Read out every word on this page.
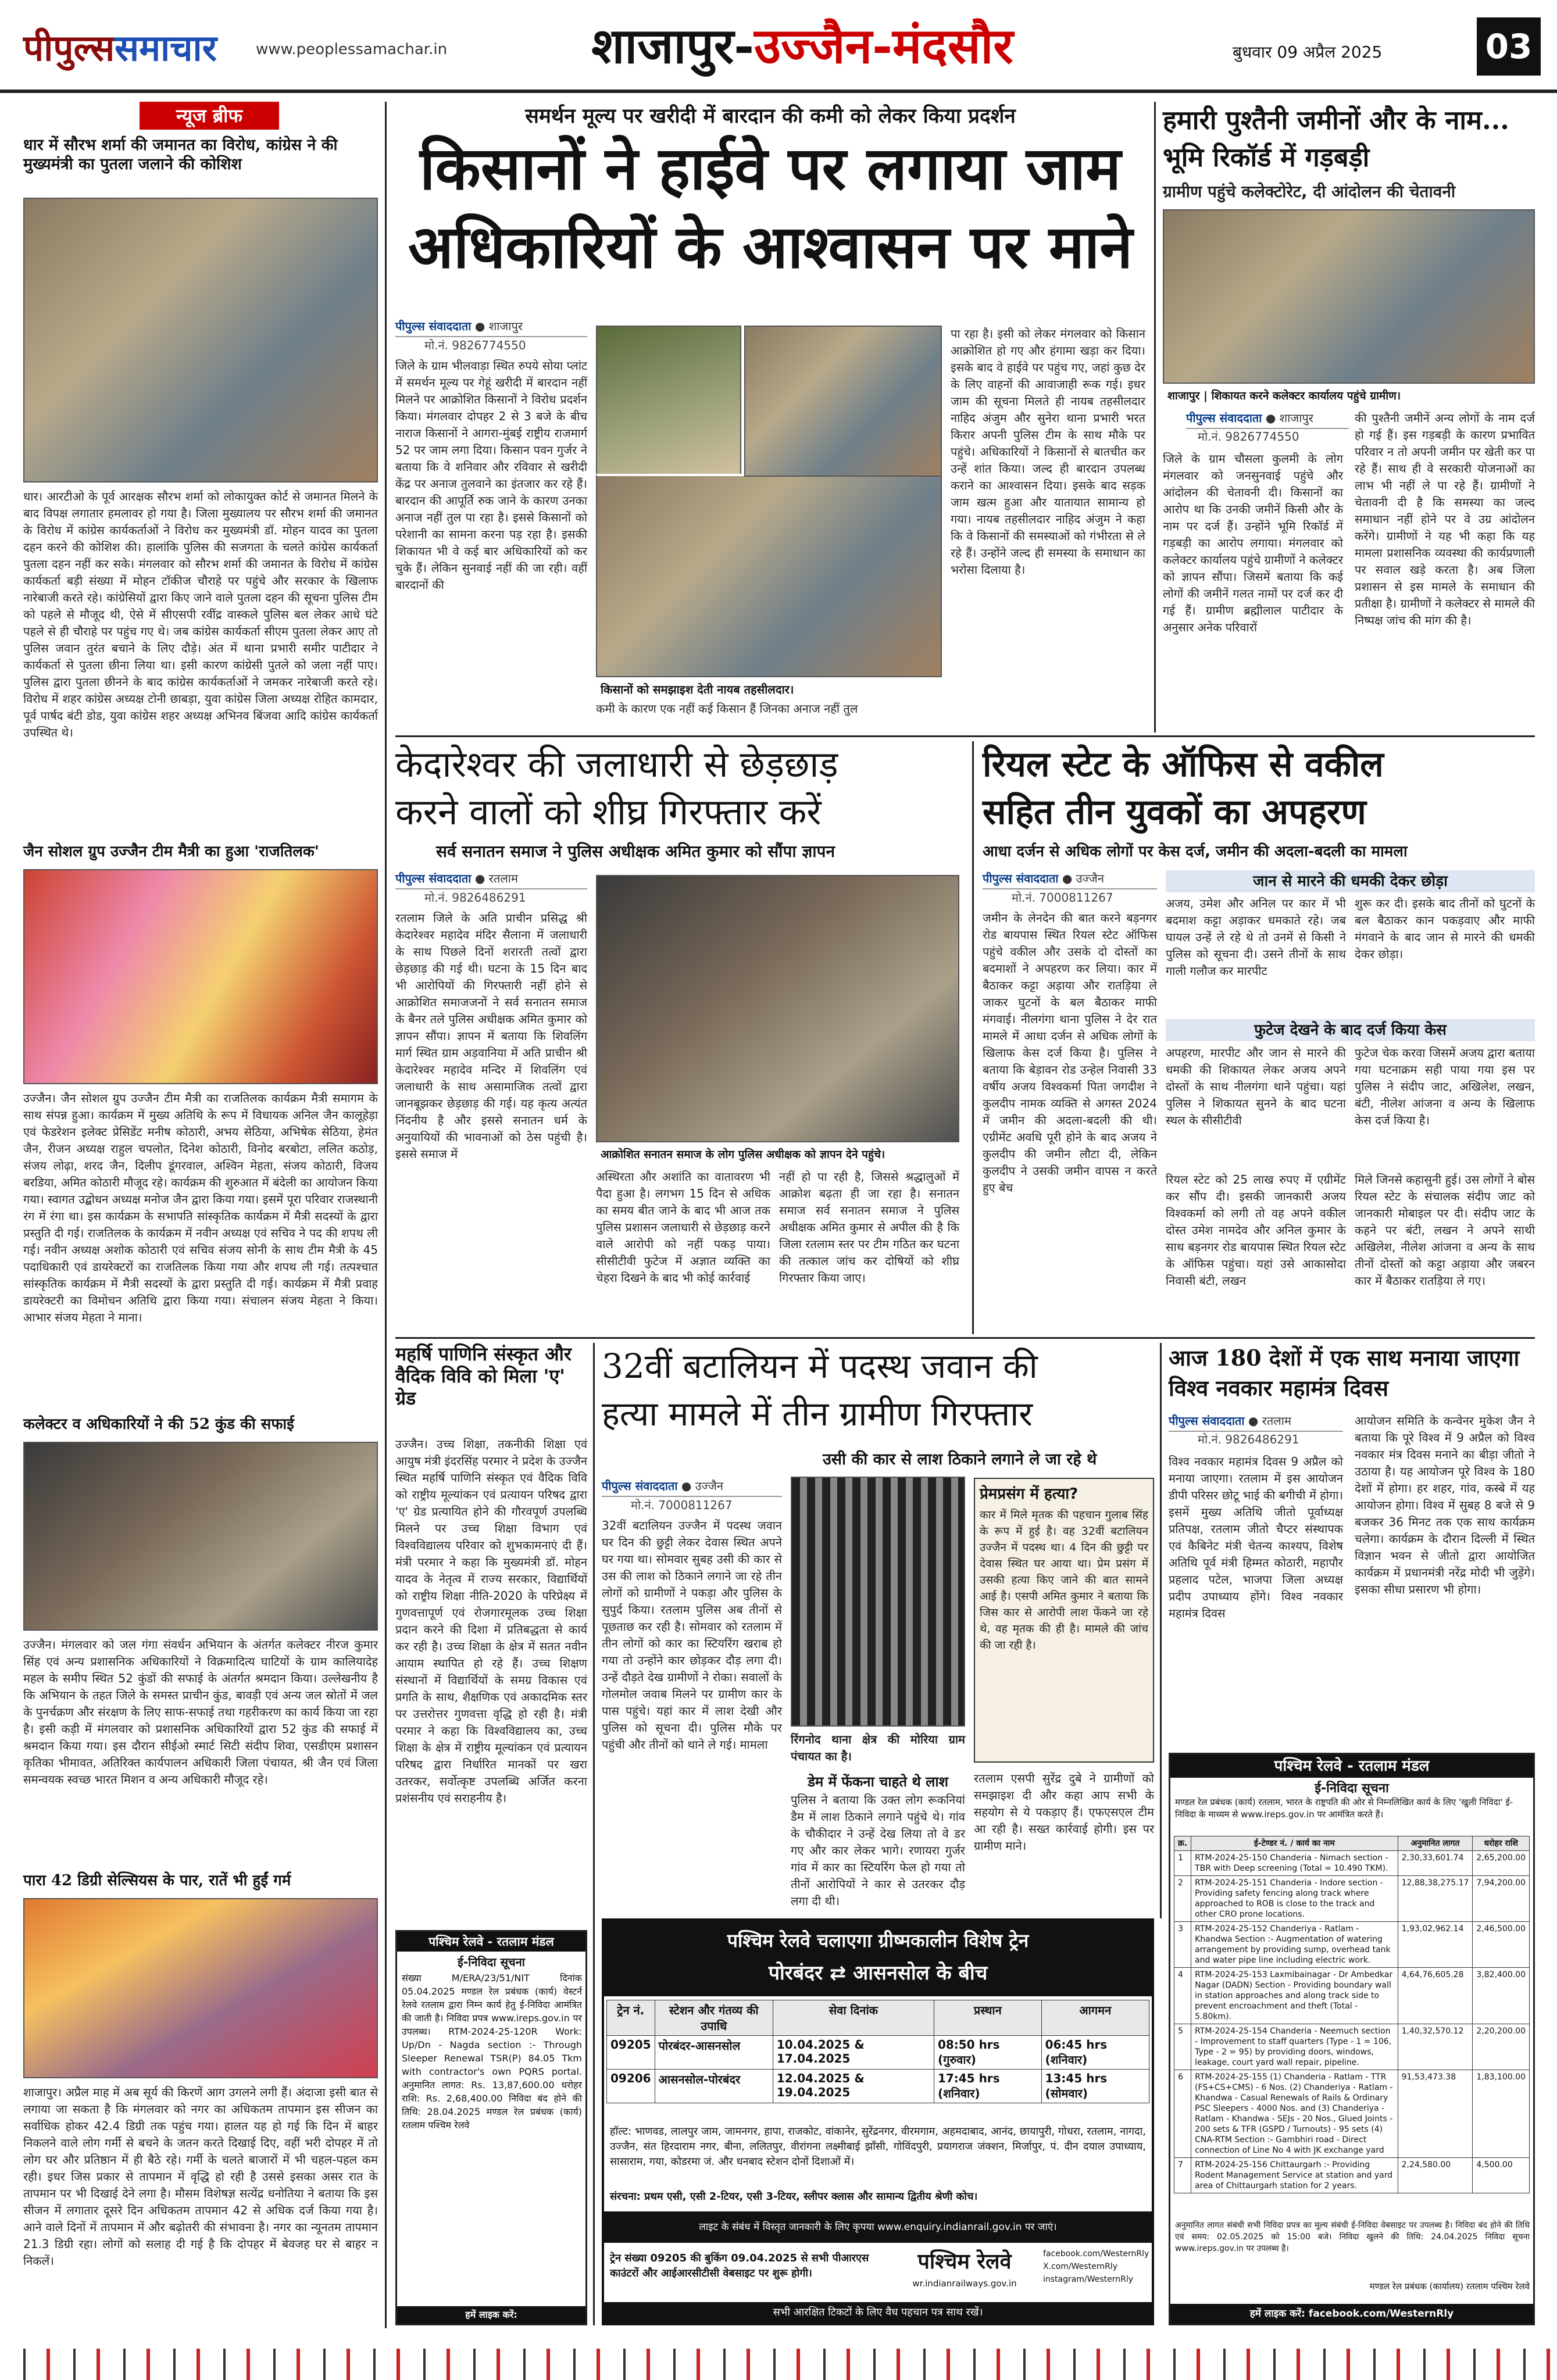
पीपुल्स समाचार	www.peoplessamachar.in	शाजापुर-उज्जैन-मंदसौर	बुधवार 09 अप्रैल 2025	03
न्यूज ब्रीफ
धार में सौरभ शर्मा की जमानत का विरोध, कांग्रेस ने की मुख्यमंत्री का पुतला जलाने की कोशिश
धार। आरटीओ के पूर्व आरक्षक सौरभ शर्मा को लोकायुक्त कोर्ट से जमानत मिलने के बाद विपक्ष लगातार हमलावर हो गया है। जिला मुख्यालय पर सौरभ शर्मा की जमानत के विरोध में कांग्रेस कार्यकर्ताओं ने विरोध कर मुख्यमंत्री डॉ. मोहन यादव का पुतला दहन करने की कोशिश की। हालांकि पुलिस की सजगता के चलते कांग्रेस कार्यकर्ता पुतला दहन नहीं कर सके। मंगलवार को सौरभ शर्मा की जमानत के विरोध में कांग्रेस कार्यकर्ता बड़ी संख्या में मोहन टॉकीज चौराहे पर पहुंचे और सरकार के खिलाफ नारेबाजी करते रहे। कांग्रेसियों द्वारा किए जाने वाले पुतला दहन की सूचना पुलिस टीम को पहले से मौजूद थी, ऐसे में सीएसपी रवींद्र वास्कले पुलिस बल लेकर आधे घंटे पहले से ही चौराहे पर पहुंच गए थे। जब कांग्रेस कार्यकर्ता सीएम पुतला लेकर आए तो पुलिस जवान तुरंत बचाने के लिए दौड़े। अंत में थाना प्रभारी समीर पाटीदार ने कार्यकर्ता से पुतला छीना लिया था। इसी कारण कांग्रेसी पुतले को जला नहीं पाए। पुलिस द्वारा पुतला छीनने के बाद कांग्रेस कार्यकर्ताओं ने जमकर नारेबाजी करते रहे। विरोध में शहर कांग्रेस अध्यक्ष टोनी छाबड़ा, युवा कांग्रेस जिला अध्यक्ष रोहित कामदार, पूर्व पार्षद बंटी डोड, युवा कांग्रेस शहर अध्यक्ष अभिनव बिंजवा आदि कांग्रेस कार्यकर्ता उपस्थित थे।
जैन सोशल ग्रुप उज्जैन टीम मैत्री का हुआ 'राजतिलक'
उज्जैन। जैन सोशल ग्रुप उज्जैन टीम मैत्री का राजतिलक कार्यक्रम मैत्री समागम के साथ संपन्न हुआ। कार्यक्रम में मुख्य अतिथि के रूप में विधायक अनिल जैन कालूहेड़ा एवं फेडरेशन इलेक्ट प्रेसिडेंट मनीष कोठारी, अभय सेठिया, अभिषेक सेठिया, हेमंत जैन, रीजन अध्यक्ष राहुल चपलोत, दिनेश कोठारी, विनोद बरबोटा, ललित कठोड़, संजय लोढ़ा, शरद जैन, दिलीप डूंगरवाल, अश्विन मेहता, संजय कोठारी, विजय बरडिया, अमित कोठारी मौजूद रहे। कार्यक्रम की शुरुआत में बंदेली का आयोजन किया गया। स्वागत उद्बोधन अध्यक्ष मनोज जैन द्वारा किया गया। इसमें पूरा परिवार राजस्थानी रंग में रंगा था। इस कार्यक्रम के सभापति सांस्कृतिक कार्यक्रम में मैत्री सदस्यों के द्वारा प्रस्तुति दी गई। राजतिलक के कार्यक्रम में नवीन अध्यक्ष एवं सचिव ने पद की शपथ ली गई। नवीन अध्यक्ष अशोक कोठारी एवं सचिव संजय सोनी के साथ टीम मैत्री के 45 पदाधिकारी एवं डायरेक्टरों का राजतिलक किया गया और शपथ ली गई। तत्पश्चात सांस्कृतिक कार्यक्रम में मैत्री सदस्यों के द्वारा प्रस्तुति दी गई। कार्यक्रम में मैत्री प्रवाह डायरेक्टरी का विमोचन अतिथि द्वारा किया गया। संचालन संजय मेहता ने किया। आभार संजय मेहता ने माना।
कलेक्टर व अधिकारियों ने की 52 कुंड की सफाई
उज्जैन। मंगलवार को जल गंगा संवर्धन अभियान के अंतर्गत कलेक्टर नीरज कुमार सिंह एवं अन्य प्रशासनिक अधिकारियों ने विक्रमादित्य घाटियों के ग्राम कालियादेह महल के समीप स्थित 52 कुंडों की सफाई के अंतर्गत श्रमदान किया। उल्लेखनीय है कि अभियान के तहत जिले के समस्त प्राचीन कुंड, बावड़ी एवं अन्य जल स्रोतों में जल के पुनर्चक्रण और संरक्षण के लिए साफ-सफाई तथा गहरीकरण का कार्य किया जा रहा है। इसी कड़ी में मंगलवार को प्रशासनिक अधिकारियों द्वारा 52 कुंड की सफाई में श्रमदान किया गया। इस दौरान सीईओ स्मार्ट सिटी संदीप शिवा, एसडीएम प्रशासन कृतिका भीमावत, अतिरिक्त कार्यपालन अधिकारी जिला पंचायत, श्री जैन एवं जिला समन्वयक स्वच्छ भारत मिशन व अन्य अधिकारी मौजूद रहे।
पारा 42 डिग्री सेल्सियस के पार, रातें भी हुईं गर्म
शाजापुर। अप्रैल माह में अब सूर्य की किरणें आग उगलने लगी हैं। अंदाजा इसी बात से लगाया जा सकता है कि मंगलवार को नगर का अधिकतम तापमान इस सीजन का सर्वाधिक होकर 42.4 डिग्री तक पहुंच गया। हालत यह हो गई कि दिन में बाहर निकलने वाले लोग गर्मी से बचने के जतन करते दिखाई दिए, वहीं भरी दोपहर में तो लोग घर और प्रतिष्ठान में ही बैठे रहे। गर्मी के चलते बाजारों में भी चहल-पहल कम रही। इधर जिस प्रकार से तापमान में वृद्धि हो रही है उससे इसका असर रात के तापमान पर भी दिखाई देने लगा है। मौसम विशेषज्ञ सत्येंद्र धनोतिया ने बताया कि इस सीजन में लगातार दूसरे दिन अधिकतम तापमान 42 से अधिक दर्ज किया गया है। आने वाले दिनों में तापमान में और बढ़ोतरी की संभावना है। नगर का न्यूनतम तापमान 21.3 डिग्री रहा। लोगों को सलाह दी गई है कि दोपहर में बेवजह घर से बाहर न निकलें।
समर्थन मूल्य पर खरीदी में बारदान की कमी को लेकर किया प्रदर्शन
किसानों ने हाईवे पर लगाया जाम
अधिकारियों के आश्वासन पर माने
पीपुल्स संवाददाता ● शाजापुर
मो.नं. 9826774550
जिले के ग्राम भीलवाड़ा स्थित रुपये सोया प्लांट में समर्थन मूल्य पर गेहूं खरीदी में बारदान नहीं मिलने पर आक्रोशित किसानों ने विरोध प्रदर्शन किया। मंगलवार दोपहर 2 से 3 बजे के बीच नाराज किसानों ने आगरा-मुंबई राष्ट्रीय राजमार्ग 52 पर जाम लगा दिया। किसान पवन गुर्जर ने बताया कि वे शनिवार और रविवार से खरीदी केंद्र पर अनाज तुलवाने का इंतजार कर रहे हैं। बारदान की आपूर्ति रुक जाने के कारण उनका अनाज नहीं तुल पा रहा है। इससे किसानों को परेशानी का सामना करना पड़ रहा है। इसकी शिकायत भी वे कई बार अधिकारियों को कर चुके हैं। लेकिन सुनवाई नहीं की जा रही। वहीं बारदानों की
किसानों को समझाइश देती नायब तहसीलदार।
कमी के कारण एक नहीं कई किसान हैं जिनका अनाज नहीं तुल
पा रहा है। इसी को लेकर मंगलवार को किसान आक्रोशित हो गए और हंगामा खड़ा कर दिया। इसके बाद वे हाईवे पर पहुंच गए, जहां कुछ देर के लिए वाहनों की आवाजाही रूक गई। इधर जाम की सूचना मिलते ही नायब तहसीलदार नाहिद अंजुम और सुनेरा थाना प्रभारी भरत किरार अपनी पुलिस टीम के साथ मौके पर पहुंचे। अधिकारियों ने किसानों से बातचीत कर उन्हें शांत किया। जल्द ही बारदान उपलब्ध कराने का आश्वासन दिया। इसके बाद सड़क जाम खत्म हुआ और यातायात सामान्य हो गया। नायब तहसीलदार नाहिद अंजुम ने कहा कि वे किसानों की समस्याओं को गंभीरता से ले रहे हैं। उन्होंने जल्द ही समस्या के समाधान का भरोसा दिलाया है।
हमारी पुश्तैनी जमीनों और के नाम... भूमि रिकॉर्ड में गड़बड़ी
ग्रामीण पहुंचे कलेक्टोरेट, दी आंदोलन की चेतावनी
शाजापुर | शिकायत करने कलेक्टर कार्यालय पहुंचे ग्रामीण।
पीपुल्स संवाददाता ● शाजापुर
मो.नं. 9826774550
जिले के ग्राम चौसला कुलमी के लोग मंगलवार को जनसुनवाई पहुंचे और आंदोलन की चेतावनी दी। किसानों का आरोप था कि उनकी जमीनें किसी और के नाम पर दर्ज हैं। उन्होंने भूमि रिकॉर्ड में गड़बड़ी का आरोप लगाया। मंगलवार को कलेक्टर कार्यालय पहुंचे ग्रामीणों ने कलेक्टर को ज्ञापन सौंपा। जिसमें बताया कि कई लोगों की जमीनें गलत नामों पर दर्ज कर दी गई हैं। ग्रामीण ब्रह्मीलाल पाटीदार के अनुसार अनेक परिवारों
की पुश्तैनी जमीनें अन्य लोगों के नाम दर्ज हो गई हैं। इस गड़बड़ी के कारण प्रभावित परिवार न तो अपनी जमीन पर खेती कर पा रहे हैं। साथ ही वे सरकारी योजनाओं का लाभ भी नहीं ले पा रहे हैं। ग्रामीणों ने चेतावनी दी है कि समस्या का जल्द समाधान नहीं होने पर वे उग्र आंदोलन करेंगे। ग्रामीणों ने यह भी कहा कि यह मामला प्रशासनिक व्यवस्था की कार्यप्रणाली पर सवाल खड़े करता है। अब जिला प्रशासन से इस मामले के समाधान की प्रतीक्षा है। ग्रामीणों ने कलेक्टर से मामले की निष्पक्ष जांच की मांग की है।
केदारेश्वर की जलाधारी से छेड़छाड़
करने वालों को शीघ्र गिरफ्तार करें
सर्व सनातन समाज ने पुलिस अधीक्षक अमित कुमार को सौंपा ज्ञापन
पीपुल्स संवाददाता ● रतलाम
मो.नं. 9826486291
रतलाम जिले के अति प्राचीन प्रसिद्ध श्री केदारेश्वर महादेव मंदिर सैलाना में जलाधारी के साथ पिछले दिनों शरारती तत्वों द्वारा छेड़छाड़ की गई थी। घटना के 15 दिन बाद भी आरोपियों की गिरफ्तारी नहीं होने से आक्रोशित समाजजनों ने सर्व सनातन समाज के बैनर तले पुलिस अधीक्षक अमित कुमार को ज्ञापन सौंपा। ज्ञापन में बताया कि शिवलिंग मार्ग स्थित ग्राम अड़वानिया में अति प्राचीन श्री केदारेश्वर महादेव मन्दिर में शिवलिंग एवं जलाधारी के साथ असामाजिक तत्वों द्वारा जानबूझकर छेड़छाड़ की गई। यह कृत्य अत्यंत निंदनीय है और इससे सनातन धर्म के अनुयायियों की भावनाओं को ठेस पहुंची है। इससे समाज में	आक्रोशित सनातन समाज के लोग पुलिस अधीक्षक को ज्ञापन देने पहुंचे।
अस्थिरता और अशांति का वातावरण भी पैदा हुआ है। लगभग 15 दिन से अधिक का समय बीत जाने के बाद भी आज तक पुलिस प्रशासन जलाधारी से छेड़छाड़ करने वाले आरोपी को नहीं पकड़ पाया। सीसीटीवी फुटेज में अज्ञात व्यक्ति का चेहरा दिखने के बाद भी कोई कार्रवाई
नहीं हो पा रही है, जिससे श्रद्धालुओं में आक्रोश बढ़ता ही जा रहा है। सनातन समाज सर्व सनातन समाज ने पुलिस अधीक्षक अमित कुमार से अपील की है कि जिला रतलाम स्तर पर टीम गठित कर घटना की तत्काल जांच कर दोषियों को शीघ्र गिरफ्तार किया जाए।
रियल स्टेट के ऑफिस से वकील
सहित तीन युवकों का अपहरण
आधा दर्जन से अधिक लोगों पर केस दर्ज, जमीन की अदला-बदली का मामला
पीपुल्स संवाददाता ● उज्जैन
मो.नं. 7000811267
जमीन के लेनदेन की बात करने बड़नगर रोड बायपास स्थित रियल स्टेट ऑफिस पहुंचे वकील और उसके दो दोस्तों का बदमाशों ने अपहरण कर लिया। कार में बैठाकर कट्टा अड़ाया और रातड़िया ले जाकर घुटनों के बल बैठाकर माफी मंगवाई। नीलगंगा थाना पुलिस ने देर रात मामले में आधा दर्जन से अधिक लोगों के खिलाफ केस दर्ज किया है। पुलिस ने बताया कि बेड़ावन रोड उन्हेल निवासी 33 वर्षीय अजय विश्वकर्मा पिता जगदीश ने कुलदीप नामक व्यक्ति से अगस्त 2024 में जमीन की अदला-बदली की थी। एग्रीमेंट अवधि पूरी होने के बाद अजय ने कुलदीप की जमीन लौटा दी, लेकिन कुलदीप ने उसकी जमीन वापस न करते हुए बेच
जान से मारने की धमकी देकर छोड़ा
अजय, उमेश और अनिल पर कार में भी बदमाश कट्टा अड़ाकर धमकाते रहे। जब घायल उन्हें ले रहे थे तो उनमें से किसी ने पुलिस को सूचना दी। उसने तीनों के साथ गाली गलौज कर मारपीट
शुरू कर दी। इसके बाद तीनों को घुटनों के बल बैठाकर कान पकड़वाए और माफी मंगवाने के बाद जान से मारने की धमकी देकर छोड़ा।
फुटेज देखने के बाद दर्ज किया केस
अपहरण, मारपीट और जान से मारने की धमकी की शिकायत लेकर अजय अपने दोस्तों के साथ नीलगंगा थाने पहुंचा। यहां पुलिस ने शिकायत सुनने के बाद घटना स्थल के सीसीटीवी
फुटेज चेक करवा जिसमें अजय द्वारा बताया गया घटनाक्रम सही पाया गया इस पर पुलिस ने संदीप जाट, अखिलेश, लखन, बंटी, नीलेश आंजना व अन्य के खिलाफ केस दर्ज किया है।
रियल स्टेट को 25 लाख रुपए में एग्रीमेंट कर सौंप दी। इसकी जानकारी अजय विश्वकर्मा को लगी तो वह अपने वकील दोस्त उमेश नामदेव और अनिल कुमार के साथ बड़नगर रोड बायपास स्थित रियल स्टेट के ऑफिस पहुंचा। यहां उसे आकासोदा निवासी बंटी, लखन
मिले जिनसे कहासुनी हुई। उस लोगों ने बोस रियल स्टेट के संचालक संदीप जाट को जानकारी मोबाइल पर दी। संदीप जाट के कहने पर बंटी, लखन ने अपने साथी अखिलेश, नीलेश आंजना व अन्य के साथ तीनों दोस्तों को कट्टा अड़ाया और जबरन कार में बैठाकर रातड़िया ले गए।
महर्षि पाणिनि संस्कृत और वैदिक विवि को मिला 'ए' ग्रेड
उज्जैन। उच्च शिक्षा, तकनीकी शिक्षा एवं आयुष मंत्री इंदरसिंह परमार ने प्रदेश के उज्जैन स्थित महर्षि पाणिनि संस्कृत एवं वैदिक विवि को राष्ट्रीय मूल्यांकन एवं प्रत्यायन परिषद द्वारा 'ए' ग्रेड प्रत्यायित होने की गौरवपूर्ण उपलब्धि मिलने पर उच्च शिक्षा विभाग एवं विश्वविद्यालय परिवार को शुभकामनाएं दी हैं। मंत्री परमार ने कहा कि मुख्यमंत्री डॉ. मोहन यादव के नेतृत्व में राज्य सरकार, विद्यार्थियों को राष्ट्रीय शिक्षा नीति-2020 के परिप्रेक्ष्य में गुणवत्तापूर्ण एवं रोजगारमूलक उच्च शिक्षा प्रदान करने की दिशा में प्रतिबद्धता से कार्य कर रही है। उच्च शिक्षा के क्षेत्र में सतत नवीन आयाम स्थापित हो रहे हैं। उच्च शिक्षण संस्थानों में विद्यार्थियों के समग्र विकास एवं प्रगति के साथ, शैक्षणिक एवं अकादमिक स्तर पर उत्तरोत्तर गुणवत्ता वृद्धि हो रही है। मंत्री परमार ने कहा कि विश्वविद्यालय का, उच्च शिक्षा के क्षेत्र में राष्ट्रीय मूल्यांकन एवं प्रत्यायन परिषद द्वारा निर्धारित मानकों पर खरा उतरकर, सर्वोत्कृष्ट उपलब्धि अर्जित करना प्रशंसनीय एवं सराहनीय है।
पश्चिम रेलवे - रतलाम मंडल
ई-निविदा सूचना
संख्या M/ERA/23/51/NIT दिनांक 05.04.2025 मण्डल रेल प्रबंधक (कार्य) वेस्टर्न रेलवे रतलाम द्वारा निम्न कार्य हेतु ई-निविदा आमंत्रित की जाती है। निविदा प्रपत्र www.ireps.gov.in पर उपलब्ध। RTM-2024-25-120R Work: Up/Dn - Nagda section :- Through Sleeper Renewal TSR(P) 84.05 Tkm with contractor's own PQRS portal. अनुमानित लागत: Rs. 13,87,600.00 धरोहर राशि: Rs. 2,68,400.00 निविदा बंद होने की तिथि: 28.04.2025 मण्डल रेल प्रबंधक (कार्य) रतलाम पश्चिम रेलवे
हमें लाइक करें: facebook.com/WesternRly
32वीं बटालियन में पदस्थ जवान की
हत्या मामले में तीन ग्रामीण गिरफ्तार
उसी की कार से लाश ठिकाने लगाने ले जा रहे थे
पीपुल्स संवाददाता ● उज्जैन
मो.नं. 7000811267
32वीं बटालियन उज्जैन में पदस्थ जवान घर दिन की छुट्टी लेकर देवास स्थित अपने घर गया था। सोमवार सुबह उसी की कार से उस की लाश को ठिकाने लगाने जा रहे तीन लोगों को ग्रामीणों ने पकड़ा और पुलिस के सुपुर्द किया। रतलाम पुलिस अब तीनों से पूछताछ कर रही है। सोमवार को रतलाम में तीन लोगों को कार का स्टियरिंग खराब हो गया तो उन्होंने कार छोड़कर दौड़ लगा दी। उन्हें दौड़ते देख ग्रामीणों ने रोका। सवालों के गोलमोल जवाब मिलने पर ग्रामीण कार के पास पहुंचे। यहां कार में लाश देखी और पुलिस को सूचना दी। पुलिस मौके पर पहुंची और तीनों को थाने ले गई। मामला	रिंगनोद थाना क्षेत्र की मोरिया ग्राम पंचायत का है।
डेम में फेंकना चाहते थे लाश
पुलिस ने बताया कि उक्त लोग रूकनियां डैम में लाश ठिकाने लगाने पहुंचे थे। गांव के चौकीदार ने उन्हें देख लिया तो वे डर गए और कार लेकर भागे। रणायरा गुर्जर गांव में कार का स्टियरिंग फेल हो गया तो तीनों आरोपियों ने कार से उतरकर दौड़ लगा दी थी।
प्रेमप्रसंग में हत्या?
कार में मिले मृतक की पहचान गुलाब सिंह के रूप में हुई है। वह 32वीं बटालियन उज्जैन में पदस्थ था। 4 दिन की छुट्टी पर देवास स्थित घर आया था। प्रेम प्रसंग में उसकी हत्या किए जाने की बात सामने आई है। एसपी अमित कुमार ने बताया कि जिस कार से आरोपी लाश फेंकने जा रहे थे, वह मृतक की ही है। मामले की जांच की जा रही है।
रतलाम एसपी सुरेंद्र दुबे ने ग्रामीणों को समझाइश दी और कहा आप सभी के सहयोग से ये पकड़ाए हैं। एफएसएल टीम आ रही है। सख्त कार्रवाई होगी। इस पर ग्रामीण माने।
आज 180 देशों में एक साथ मनाया जाएगा विश्व नवकार महामंत्र दिवस
पीपुल्स संवाददाता ● रतलाम
मो.नं. 9826486291
विश्व नवकार महामंत्र दिवस 9 अप्रैल को मनाया जाएगा। रतलाम में इस आयोजन डीपी परिसर छोटू भाई की बगीची में होगा। इसमें मुख्य अतिथि जीतो पूर्वाध्यक्ष प्रतिपक्ष, रतलाम जीतो चैप्टर संस्थापक एवं कैबिनेट मंत्री चेतन्य काश्यप, विशेष अतिथि पूर्व मंत्री हिम्मत कोठारी, महापौर प्रहलाद पटेल, भाजपा जिला अध्यक्ष प्रदीप उपाध्याय होंगे। विश्व नवकार महामंत्र दिवस
आयोजन समिति के कन्वेनर मुकेश जैन ने बताया कि पूरे विश्व में 9 अप्रैल को विश्व नवकार मंत्र दिवस मनाने का बीड़ा जीतो ने उठाया है। यह आयोजन पूरे विश्व के 180 देशों में होगा। हर शहर, गांव, कस्बे में यह आयोजन होगा। विश्व में सुबह 8 बजे से 9 बजकर 36 मिनट तक एक साथ कार्यक्रम चलेगा। कार्यक्रम के दौरान दिल्ली में स्थित विज्ञान भवन से जीतो द्वारा आयोजित कार्यक्रम में प्रधानमंत्री नरेंद्र मोदी भी जुड़ेंगे। इसका सीधा प्रसारण भी होगा।
पश्चिम रेलवे - रतलाम मंडल
ई-निविदा सूचना
मण्डल रेल प्रबंधक (कार्य) रतलाम, भारत के राष्ट्रपति की ओर से निम्नलिखित कार्य के लिए 'खुली निविदा' ई-निविदा के माध्यम से www.ireps.gov.in पर आमंत्रित करते हैं।
क्र.	ई-टेण्डर नं. / कार्य का नाम	अनुमानित लागत	धरोहर राशि
1	RTM-2024-25-150 Chanderia - Nimach section - TBR with Deep screening (Total = 10.490 TKM).	2,30,33,601.74	2,65,200.00
2	RTM-2024-25-151 Chanderia - Indore section - Providing safety fencing along track where approached to ROB is close to the track and other CRO prone locations.	12,88,38,275.17	7,94,200.00
3	RTM-2024-25-152 Chanderiya - Ratlam - Khandwa Section :- Augmentation of watering arrangement by providing sump, overhead tank and water pipe line including electric work.	1,93,02,962.14	2,46,500.00
4	RTM-2024-25-153 Laxmibainagar - Dr Ambedkar Nagar (DADN) Section - Providing boundary wall in station approaches and along track side to prevent encroachment and theft (Total - 5.80km).	4,64,76,605.28	3,82,400.00
5	RTM-2024-25-154 Chanderia - Neemuch section - Improvement to staff quarters (Type - 1 = 106, Type - 2 = 95) by providing doors, windows, leakage, court yard wall repair, pipeline.	1,40,32,570.12	2,20,200.00
6	RTM-2024-25-155 (1) Chanderia - Ratlam - TTR (FS+CS+CMS) - 6 Nos. (2) Chanderiya - Ratlam - Khandwa - Casual Renewals of Rails & Ordinary PSC Sleepers - 4000 Nos. and (3) Chanderiya - Ratlam - Khandwa - SEJs - 20 Nos., Glued Joints - 200 sets & TFR (GSPD / Turnouts) - 95 sets (4) CNA-RTM Section :- Gambhiri road - Direct connection of Line No 4 with JK exchange yard	91,53,473.38	1,83,100.00
7	RTM-2024-25-156 Chittaurgarh :- Providing Rodent Management Service at station and yard area of Chittaurgarh station for 2 years.	2,24,580.00	4,500.00
अनुमानित लागत संबंधी सभी निविदा प्रपत्र का मूल्य संबंधी ई-निविदा वेबसाइट पर उपलब्ध है। निविदा बंद होने की तिथि एवं समय: 02.05.2025 को 15:00 बजे। निविदा खुलने की तिथि: 24.04.2025 निविदा सूचना www.ireps.gov.in पर उपलब्ध है।
मण्डल रेल प्रबंधक (कार्यालय) रतलाम पश्चिम रेलवे
हमें लाइक करें: facebook.com/WesternRly
पश्चिम रेलवे चलाएगा ग्रीष्मकालीन विशेष ट्रेन
पोरबंदर ⇄ आसनसोल के बीच
ट्रेन नं.	स्टेशन और गंतव्य की उपाधि	सेवा दिनांक	प्रस्थान	आगमन
09205	पोरबंदर-आसनसोल	10.04.2025 & 17.04.2025	08:50 hrs (गुरुवार)	06:45 hrs (शनिवार)
09206	आसनसोल-पोरबंदर	12.04.2025 & 19.04.2025	17:45 hrs (शनिवार)	13:45 hrs (सोमवार)
हॉल्ट: भाणवड, लालपुर जाम, जामनगर, हापा, राजकोट, वांकानेर, सुरेंद्रनगर, वीरमगाम, अहमदाबाद, आनंद, छायापुरी, गोधरा, रतलाम, नागदा, उज्जैन, संत हिरदाराम नगर, बीना, ललितपुर, वीरांगना लक्ष्मीबाई झाँसी, गोविंदपुरी, प्रयागराज जंक्शन, मिर्जापुर, पं. दीन दयाल उपाध्याय, सासाराम, गया, कोडरमा जं. और धनबाद स्टेशन दोनों दिशाओं में।
संरचना: प्रथम एसी, एसी 2-टियर, एसी 3-टियर, स्लीपर क्लास और सामान्य द्वितीय श्रेणी कोच।
लाइट के संबंध में विस्तृत जानकारी के लिए कृपया www.enquiry.indianrail.gov.in पर जाएं।
ट्रेन संख्या 09205 की बुकिंग 09.04.2025 से सभी पीआरएस काउंटरों और आईआरसीटीसी वेबसाइट पर शुरू होगी।	पश्चिम रेलवे
wr.indianrailways.gov.in
facebook.com/WesternRly
X.com/WesternRly
instagram/WesternRly
सभी आरक्षित टिकटों के लिए वैध पहचान पत्र साथ रखें।
